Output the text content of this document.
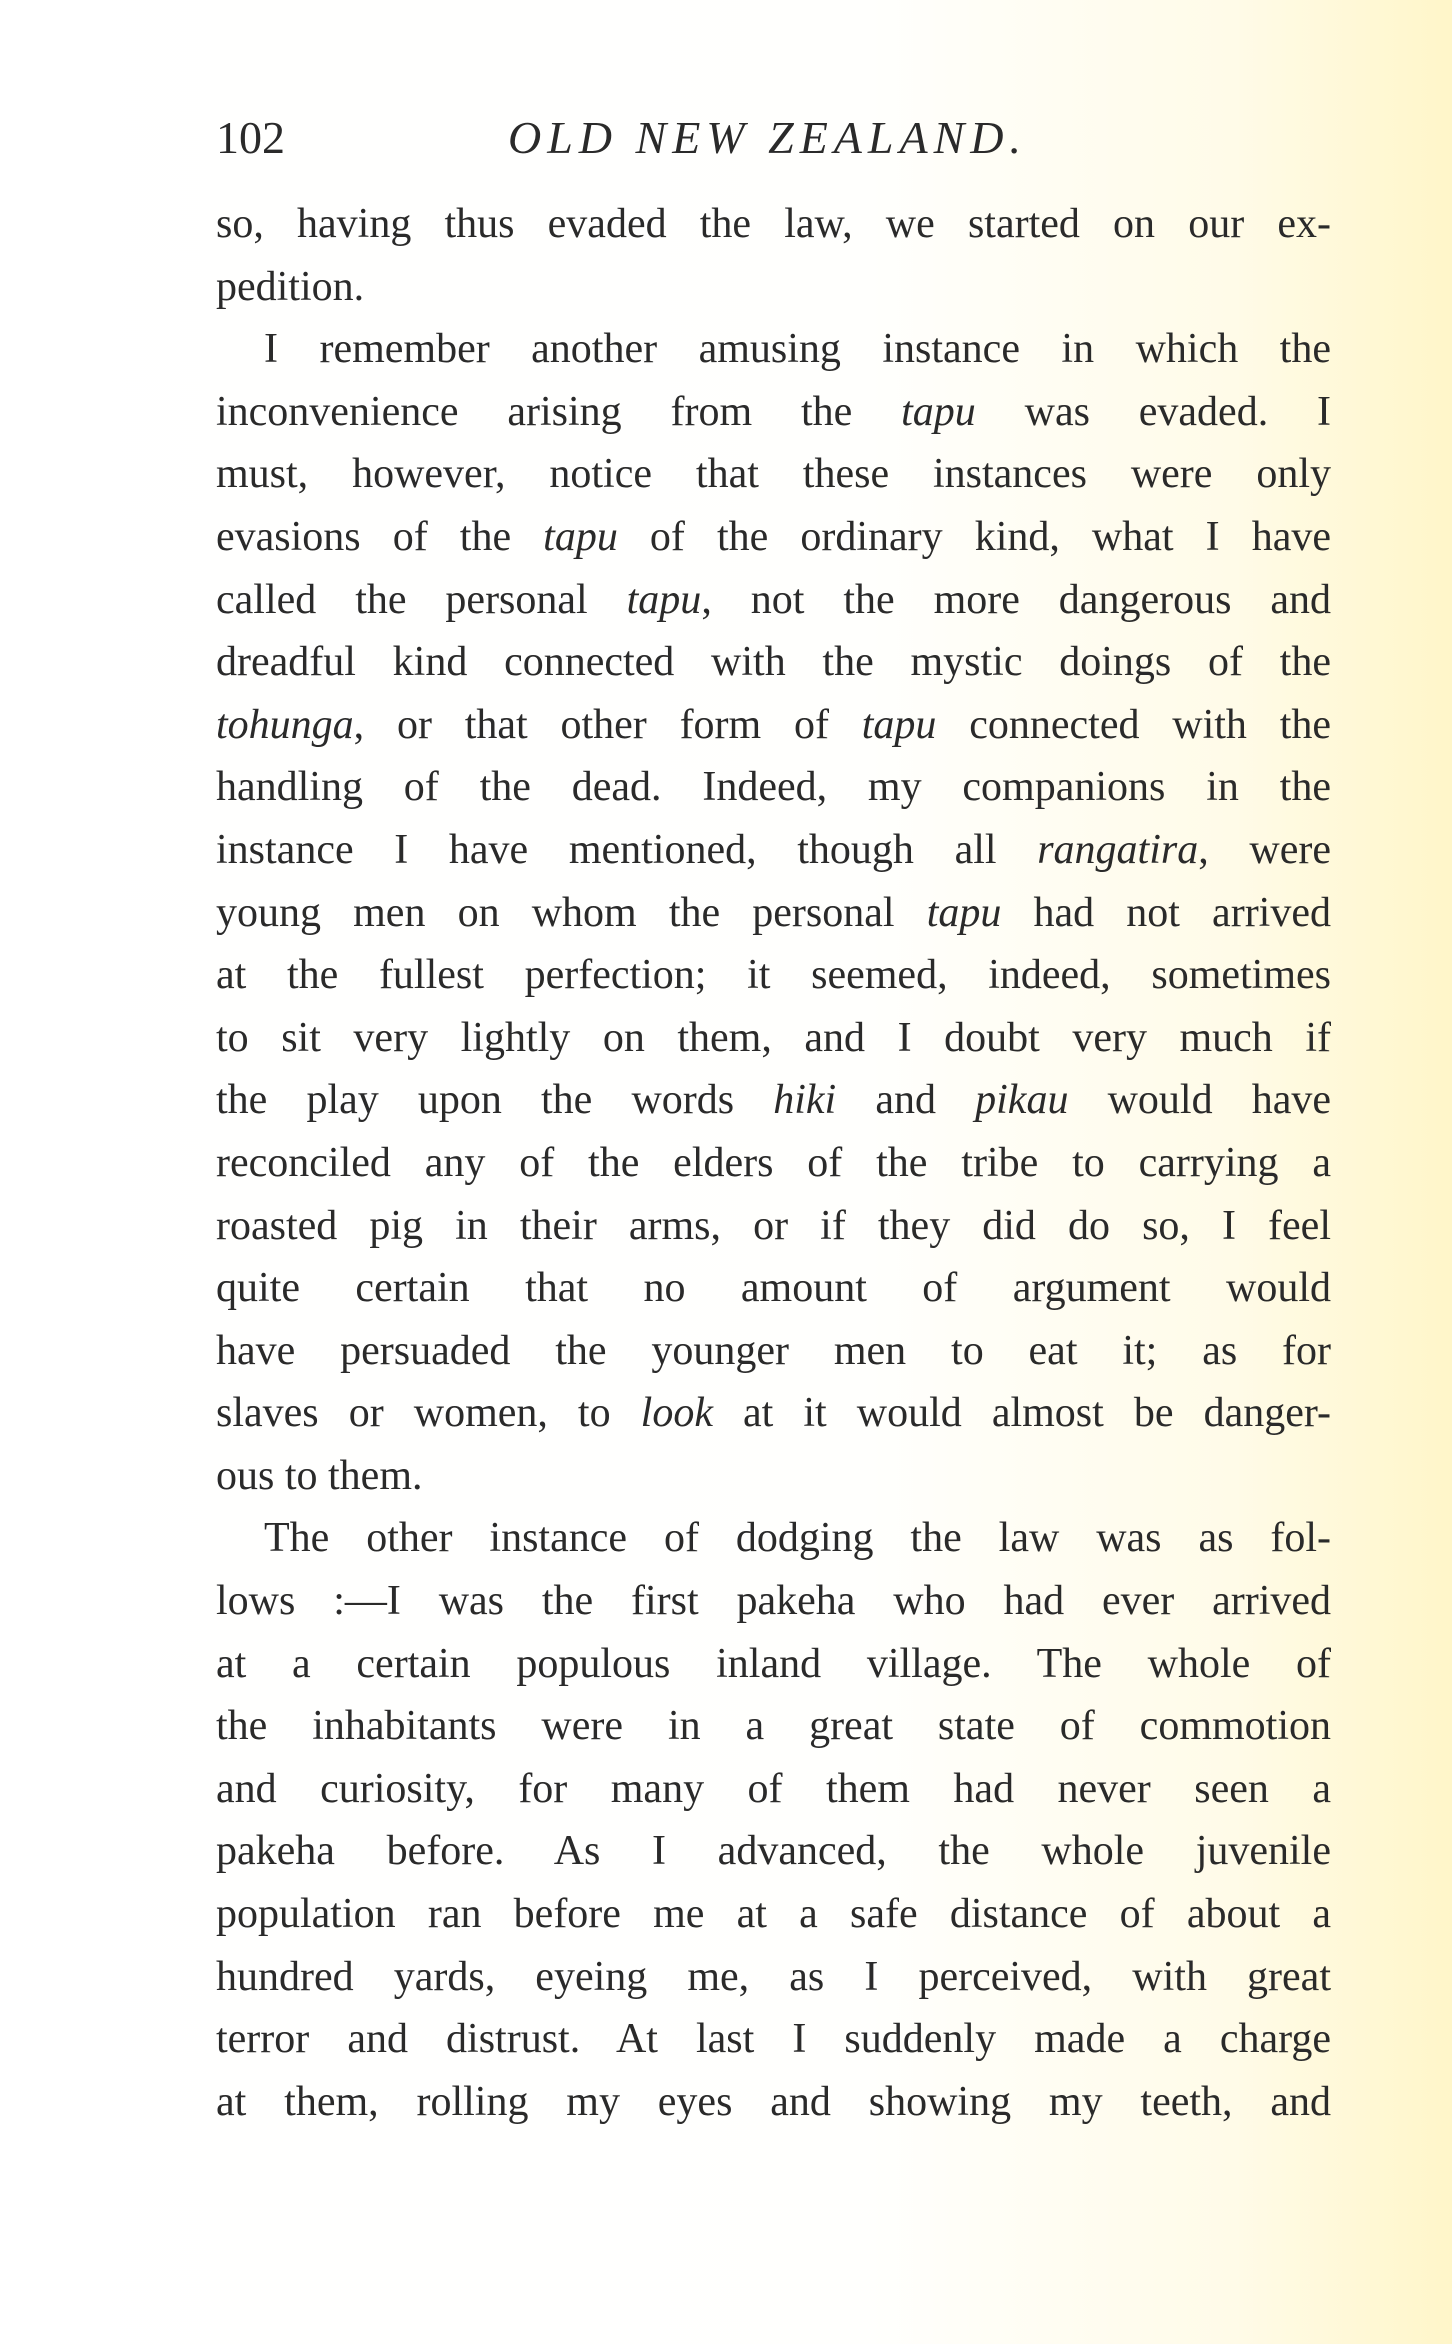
102	OLD NEW ZEALAND.
so, having thus evaded the law, we started on our ex-
pedition.
I remember another amusing instance in which the
inconvenience arising from the tapu was evaded. I
must, however, notice that these instances were only
evasions of the tapu of the ordinary kind, what I have
called the personal tapu, not the more dangerous and
dreadful kind connected with the mystic doings of the
tohunga, or that other form of tapu connected with the
handling of the dead. Indeed, my companions in the
instance I have mentioned, though all rangatira, were
young men on whom the personal tapu had not arrived
at the fullest perfection; it seemed, indeed, sometimes
to sit very lightly on them, and I doubt very much if
the play upon the words hiki and pikau would have
reconciled any of the elders of the tribe to carrying a
roasted pig in their arms, or if they did do so, I feel
quite certain that no amount of argument would
have persuaded the younger men to eat it; as for
slaves or women, to look at it would almost be danger-
ous to them.
The other instance of dodging the law was as fol-
lows :—I was the first pakeha who had ever arrived
at a certain populous inland village. The whole of
the inhabitants were in a great state of commotion
and curiosity, for many of them had never seen a
pakeha before. As I advanced, the whole juvenile
population ran before me at a safe distance of about a
hundred yards, eyeing me, as I perceived, with great
terror and distrust. At last I suddenly made a charge
at them, rolling my eyes and showing my teeth, and
